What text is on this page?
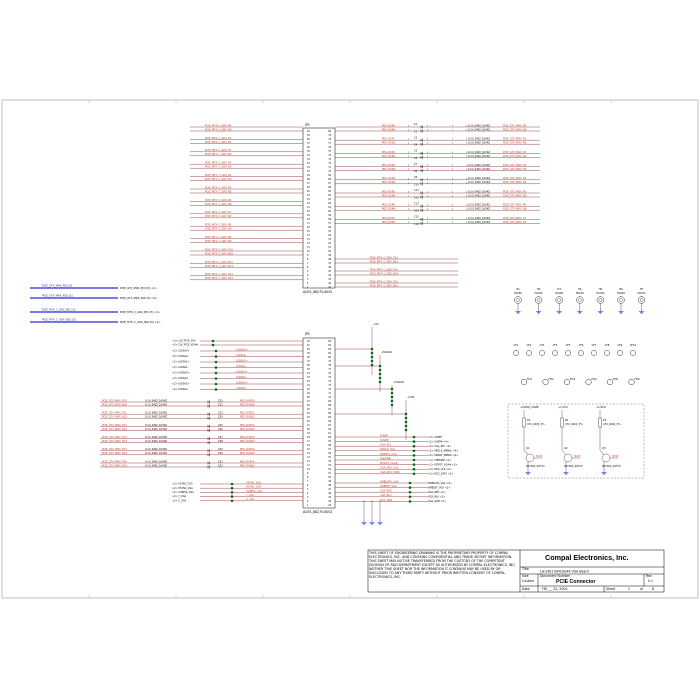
JP1
ACES_88275-6002
40	80
39	79
38	78
37	77
36	76
35	75
34	74
33	73
32	72
31	71
30	70
29	69
28	68
27	67
26	66
25	65
24	64
23	63
22	62
21	61
20	60
19	59
18	58
17	57
16	56
15	55
14	54
13	53
12	52
11	51
10	50
9	49
8	48
7	47
6	46
5	45
4	44
3	43
2	42
1	41
PCIE_MTX_C_GRX_P0
PCIE_MTX_C_GRX_N0
PCIE_MTX_C_GRX_P1
PCIE_MTX_C_GRX_N1
PCIE_MTX_C_GRX_P2
PCIE_MTX_C_GRX_N2
PCIE_MTX_C_GRX_P3
PCIE_MTX_C_GRX_N3
PCIE_MTX_C_GRX_P4
PCIE_MTX_C_GRX_N4
PCIE_MTX_C_GRX_P5
PCIE_MTX_C_GRX_N5
PCIE_MTX_C_GRX_P6
PCIE_MTX_C_GRX_N6
PCIE_MTX_C_GRX_P7
PCIE_MTX_C_GRX_N7
PCIE_MTX_C_GRX_P8
PCIE_MTX_C_GRX_N8
PCIE_MTX_C_GRX_P9
PCIE_MTX_C_GRX_N9
PCIE_MTX_C_GRX_P10
PCIE_MTX_C_GRX_N10
PCIE_MTX_C_GRX_P11
PCIE_MTX_C_GRX_N11
PCIE_MTX_C_GRX_P12
PCIE_MTX_C_GRX_N12
PEG_RXP0	C1
C2
1	2	1	2 0.1U_0402_16V4Z	PCIE_GTX_MRX_P0
PEG_RXN0	1	2	1	2 0.1U_0402_16V4Z	PCIE_GTX_MRX_N0
PEG_RXP1	C3
C4
1	2	1	2 0.1U_0402_16V4Z	PCIE_GTX_MRX_P1
PEG_RXN1	1	2	1	2 0.1U_0402_16V4Z	PCIE_GTX_MRX_N1
PEG_RXP2	C5
C6
1	2	1	2 0.1U_0402_16V4Z	PCIE_GTX_MRX_P2
PEG_RXN2	1	2	1	2 0.1U_0402_16V4Z	PCIE_GTX_MRX_N2
PEG_RXP3	C7
C8
1	2	1	2 0.1U_0402_16V4Z	PCIE_GTX_MRX_P3
PEG_RXN3	1	2	1	2 0.1U_0402_16V4Z	PCIE_GTX_MRX_N3
PEG_RXP4	C9
C10
1	2	1	2 0.1U_0402_16V4Z	PCIE_GTX_MRX_P4
PEG_RXN4	1	2	1	2 0.1U_0402_16V4Z	PCIE_GTX_MRX_N4
PEG_RXP5	C11
C12
1	2	1	2 0.1U_0402_16V4Z	PCIE_GTX_MRX_P5
PEG_RXN5	1	2	1	2 0.1U_0402_16V4Z	PCIE_GTX_MRX_N5
PEG_RXP6	C13
C14
1	2	1	2 0.1U_0402_16V4Z	PCIE_GTX_MRX_P6
PEG_RXN6	1	2	1	2 0.1U_0402_16V4Z	PCIE_GTX_MRX_N6
PEG_RXP7	C15
C16
1	2	1	2 0.1U_0402_16V4Z	PCIE_GTX_MRX_P7
PEG_RXN7	1	2	1	2 0.1U_0402_16V4Z	PCIE_GTX_MRX_N7
PCIE_MTX_C_GRX_P13
PCIE_MTX_C_GRX_N13
PCIE_MTX_C_GRX_P14
PCIE_MTX_C_GRX_N14
PCIE_MTX_C_GRX_P15
PCIE_MTX_C_GRX_N15
PCIE_GTX_MRX_P[0:15]
PCIE_GTX_MRX_P[0:15] <2>
PCIE_GTX_MRX_N[0:15]
PCIE_GTX_MRX_N[0:15] <2>
PCIE_MTX_C_GRX_P[0:15]
PCIE_MTX_C_GRX_P[0:15] <2>
PCIE_MTX_C_GRX_N[0:15]
PCIE_MTX_C_GRX_N[0:15] <2>
JP2
ACES_88275-6002
42	84
41	83
40	82
39	81
38	80
37	79
36	78
35	77
34	76
33	75
32	74
31	73
30	72
29	71
28	70
27	69
26	68
25	67
24	66
23	65
22	64
21	63
20	62
19	61
18	60
17	59
16	58
15	57
14	56
13	55
12	54
11	53
10	52
9	51
8	50
7	49
6	48
5	47
4	46
3	45
2	44
1	43
<2> CLK_PCIE_VGA
<2> CLK_PCIE_VGA#
<2> LVDSA0+	LVDSA0+
<2> LVDSA0-	LVDSA0-
<2> LVDSA1+	LVDSA1+
<2> LVDSA1-	LVDSA1-
<2> LVDSA2+	LVDSA2+
<2> LVDSA2-	LVDSA2-
<2> LVDSAC+	LVDSAC+
<2> LVDSAC-	LVDSAC-
PCIE_GTX_MRX_P10	C21
0.1U_0402_16V4Z	PEG_RXP10
PCIE_GTX_MRX_N10	C22
0.1U_0402_16V4Z	PEG_RXN10
PCIE_GTX_MRX_P11	C23
0.1U_0402_16V4Z	PEG_RXP11
PCIE_GTX_MRX_N11	C24
0.1U_0402_16V4Z	PEG_RXN11
PCIE_GTX_MRX_P12	C25
0.1U_0402_16V4Z	PEG_RXP12
PCIE_GTX_MRX_N12	C26
0.1U_0402_16V4Z	PEG_RXN12
PCIE_GTX_MRX_P13	C27
0.1U_0402_16V4Z	PEG_RXP13
PCIE_GTX_MRX_N13	C28
0.1U_0402_16V4Z	PEG_RXN13
PCIE_GTX_MRX_P14	C29
0.1U_0402_16V4Z	PEG_RXP14
PCIE_GTX_MRX_N14	C30
0.1U_0402_16V4Z	PEG_RXN14
PCIE_GTX_MRX_P15	C31
0.1U_0402_16V4Z	PEG_RXP15
PCIE_GTX_MRX_N15	C32
0.1U_0402_16V4Z	PEG_RXN15
<2> VSYNC_VGA	VSYNC_VGA
<2> HSYNC_VGA	HSYNC_VGA
<2> CONFIG_VGA	CONFIG_VGA
<2> Y_VGA	Y_VGA
<2> C_VGA	C_VGA
2VREF	<4> 2VREF
SUSP#	<2> SUSP# <4>
VGA_SEL	<2> VGA_SEL <4>
SMCLK_VGA	<2> SMCLK_SMBAL <4>
SMDATA_VGA	<2> SMDAT_SMBAL <4>
THERM#	<2> THERM# <4>
PLTRST_VGA#	<2> PLTRST_VGA# <2>
VGA_DDC_CLK	<2> DDC_CLK <2>
VGA_DDC_DATA	<2> DDC_DATA <2>
SMBDATA_VGA	SMBDATA_VGA <2>
SMBSET_VGA	SMBSET_VGA <2>
VGA_RED	VGA_RED <2>
VGA_BLU	VGA_BLU <2>
VGA_GRN	VGA_GRN <2>
+3V
+5VALW
+5VALW
+3VS
H1
HOLEA
H2
HOLEA
H3
HOLEA
H4
HOLEA
H5
HOLEA
H6
HOLEA
H7
HOLEA
CF1	CF2	CF3	CF4	CF5	CF6	CF7	CF8	CF9	CF10
FD1	FD2	FD3	FD4	FD5	FD6
+VDDQ_CORE
R1
470_0402_5%
Q1
SUSP
2N7002_SOT23
+1.5VS
R2
470_0402_5%
Q2
SUSP
2N7002_SOT23
+1.8VS
R3
470_0402_5%
Q3
SUSP
2N7002_SOT23
THIS SHEET OF ENGINEERING DRAWING IS THE PROPRIETARY PROPERTY OF COMPAL ELECTRONICS, INC. AND CONTAINS CONFIDENTIAL AND TRADE SECRET INFORMATION. THIS SHEET MAY NOT BE TRANSFERRED FROM THE CUSTODY OF THE COMPETENT DIVISION OF R&D DEPARTMENT EXCEPT AS AUTHORIZED BY COMPAL ELECTRONICS, INC. NEITHER THIS SHEET NOR THE INFORMATION IT CONTAINS MAY BE USED BY OR DISCLOSED TO ANY THIRD PARTY WITHOUT PRIOR WRITTEN CONSENT OF COMPAL ELECTRONICS, INC.
Compal Electronics, Inc.
Title
LA-2491 NV43/G44 VGA Board
Size	Document Number
Custom	PCIE Connector
Rev
0.1
Date	FRI, __ 25, 2004	Sheet	1	of	8
